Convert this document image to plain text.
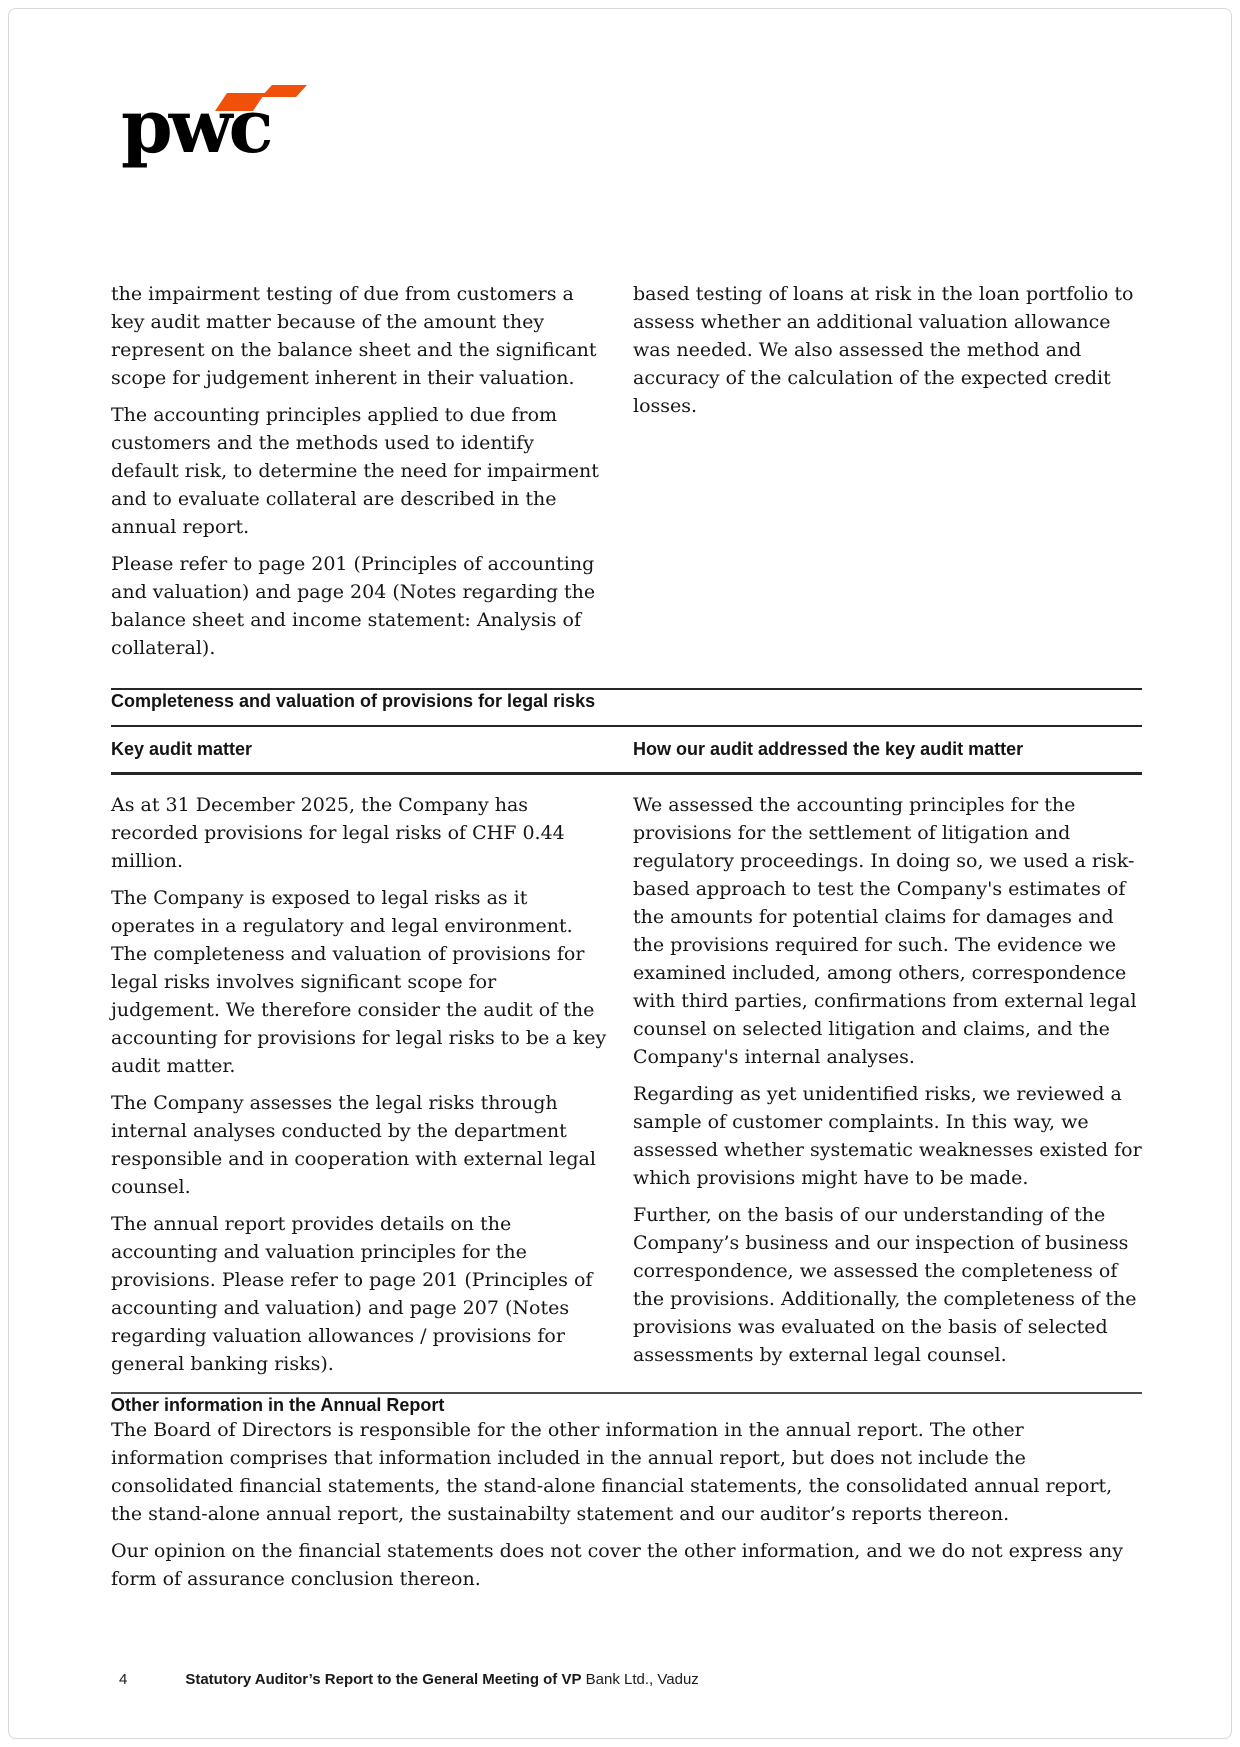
pwc

the impairment testing of due from customers a key audit matter because of the amount they represent on the balance sheet and the significant scope for judgement inherent in their valuation.

The accounting principles applied to due from customers and the methods used to identify default risk, to determine the need for impairment and to evaluate collateral are described in the annual report.

Please refer to page 201 (Principles of accounting and valuation) and page 204 (Notes regarding the balance sheet and income statement: Analysis of collateral).

based testing of loans at risk in the loan portfolio to assess whether an additional valuation allowance was needed. We also assessed the method and accuracy of the calculation of the expected credit losses.

Completeness and valuation of provisions for legal risks
Key audit matter	How our audit addressed the key audit matter

As at 31 December 2025, the Company has recorded provisions for legal risks of CHF 0.44 million.

The Company is exposed to legal risks as it operates in a regulatory and legal environment. The completeness and valuation of provisions for legal risks involves significant scope for judgement. We therefore consider the audit of the accounting for provisions for legal risks to be a key audit matter.

The Company assesses the legal risks through internal analyses conducted by the department responsible and in cooperation with external legal counsel.

The annual report provides details on the accounting and valuation principles for the provisions. Please refer to page 201 (Principles of accounting and valuation) and page 207 (Notes regarding valuation allowances / provisions for general banking risks).

We assessed the accounting principles for the provisions for the settlement of litigation and regulatory proceedings. In doing so, we used a risk-based approach to test the Company's estimates of the amounts for potential claims for damages and the provisions required for such. The evidence we examined included, among others, correspondence with third parties, confirmations from external legal counsel on selected litigation and claims, and the Company's internal analyses.

Regarding as yet unidentified risks, we reviewed a sample of customer complaints. In this way, we assessed whether systematic weaknesses existed for which provisions might have to be made.

Further, on the basis of our understanding of the Company’s business and our inspection of business correspondence, we assessed the completeness of the provisions. Additionally, the completeness of the provisions was evaluated on the basis of selected assessments by external legal counsel.

Other information in the Annual Report

The Board of Directors is responsible for the other information in the annual report. The other information comprises that information included in the annual report, but does not include the consolidated financial statements, the stand-alone financial statements, the consolidated annual report, the stand-alone annual report, the sustainabilty statement and our auditor’s reports thereon.

Our opinion on the financial statements does not cover the other information, and we do not express any form of assurance conclusion thereon.

4	Statutory Auditor’s Report to the General Meeting of VP Bank Ltd., Vaduz
